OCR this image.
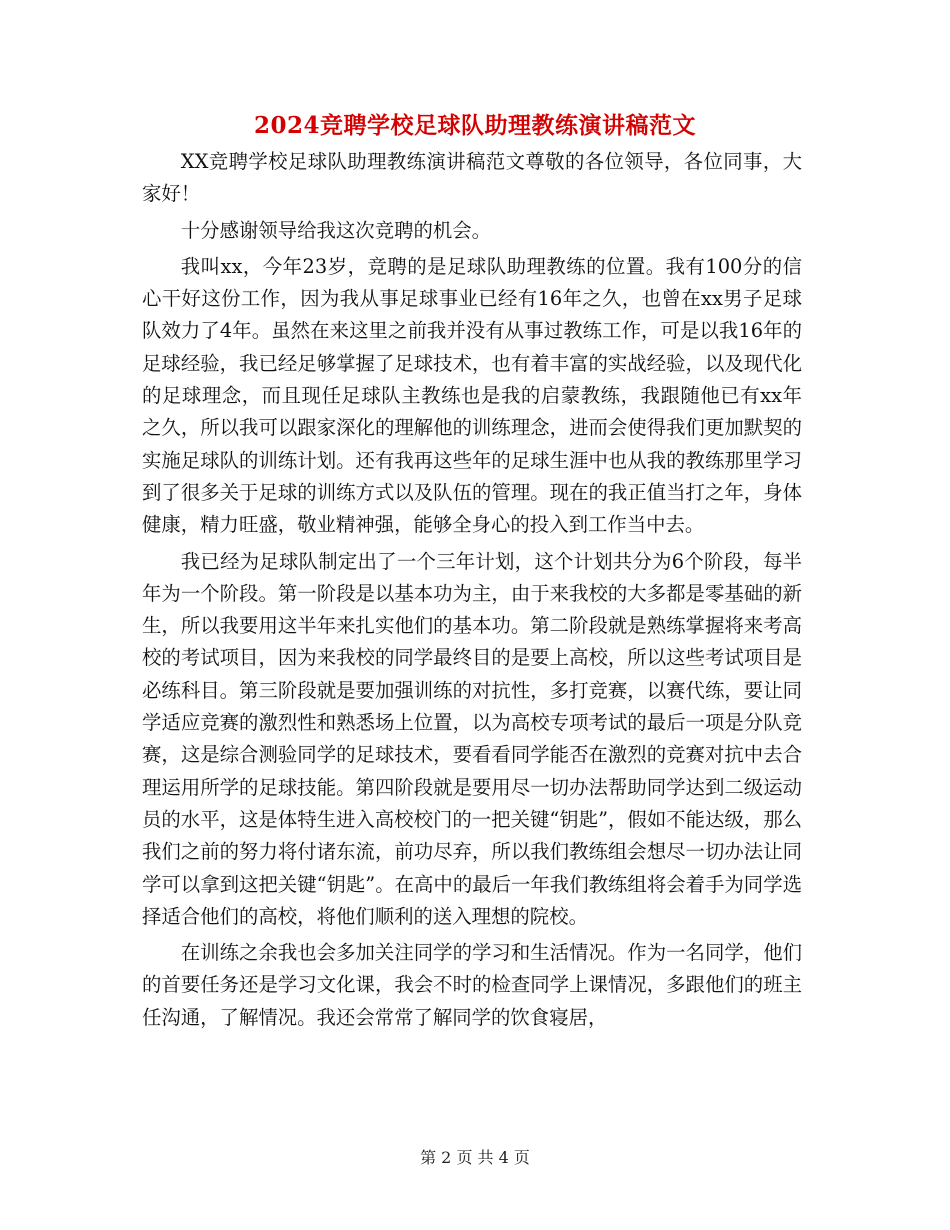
2024竞聘学校足球队助理教练演讲稿范文

XX竞聘学校足球队助理教练演讲稿范文尊敬的各位领导，各位同事，大家好！

十分感谢领导给我这次竞聘的机会。

我叫xx，今年23岁，竞聘的是足球队助理教练的位置。我有100分的信心干好这份工作，因为我从事足球事业已经有16年之久，也曾在xx男子足球队效力了4年。虽然在来这里之前我并没有从事过教练工作，可是以我16年的足球经验，我已经足够掌握了足球技术，也有着丰富的实战经验，以及现代化的足球理念，而且现任足球队主教练也是我的启蒙教练，我跟随他已有xx年之久，所以我可以跟家深化的理解他的训练理念，进而会使得我们更加默契的实施足球队的训练计划。还有我再这些年的足球生涯中也从我的教练那里学习到了很多关于足球的训练方式以及队伍的管理。现在的我正值当打之年，身体健康，精力旺盛，敬业精神强，能够全身心的投入到工作当中去。

我已经为足球队制定出了一个三年计划，这个计划共分为6个阶段，每半年为一个阶段。第一阶段是以基本功为主，由于来我校的大多都是零基础的新生，所以我要用这半年来扎实他们的基本功。第二阶段就是熟练掌握将来考高校的考试项目，因为来我校的同学最终目的是要上高校，所以这些考试项目是必练科目。第三阶段就是要加强训练的对抗性，多打竞赛，以赛代练，要让同学适应竞赛的激烈性和熟悉场上位置，以为高校专项考试的最后一项是分队竞赛，这是综合测验同学的足球技术，要看看同学能否在激烈的竞赛对抗中去合理运用所学的足球技能。第四阶段就是要用尽一切办法帮助同学达到二级运动员的水平，这是体特生进入高校校门的一把关键“钥匙”，假如不能达级，那么我们之前的努力将付诸东流，前功尽弃，所以我们教练组会想尽一切办法让同学可以拿到这把关键“钥匙”。在高中的最后一年我们教练组将会着手为同学选择适合他们的高校，将他们顺利的送入理想的院校。

在训练之余我也会多加关注同学的学习和生活情况。作为一名同学，他们的首要任务还是学习文化课，我会不时的检查同学上课情况，多跟他们的班主任沟通，了解情况。我还会常常了解同学的饮食寝居，

第 2 页 共 4 页
